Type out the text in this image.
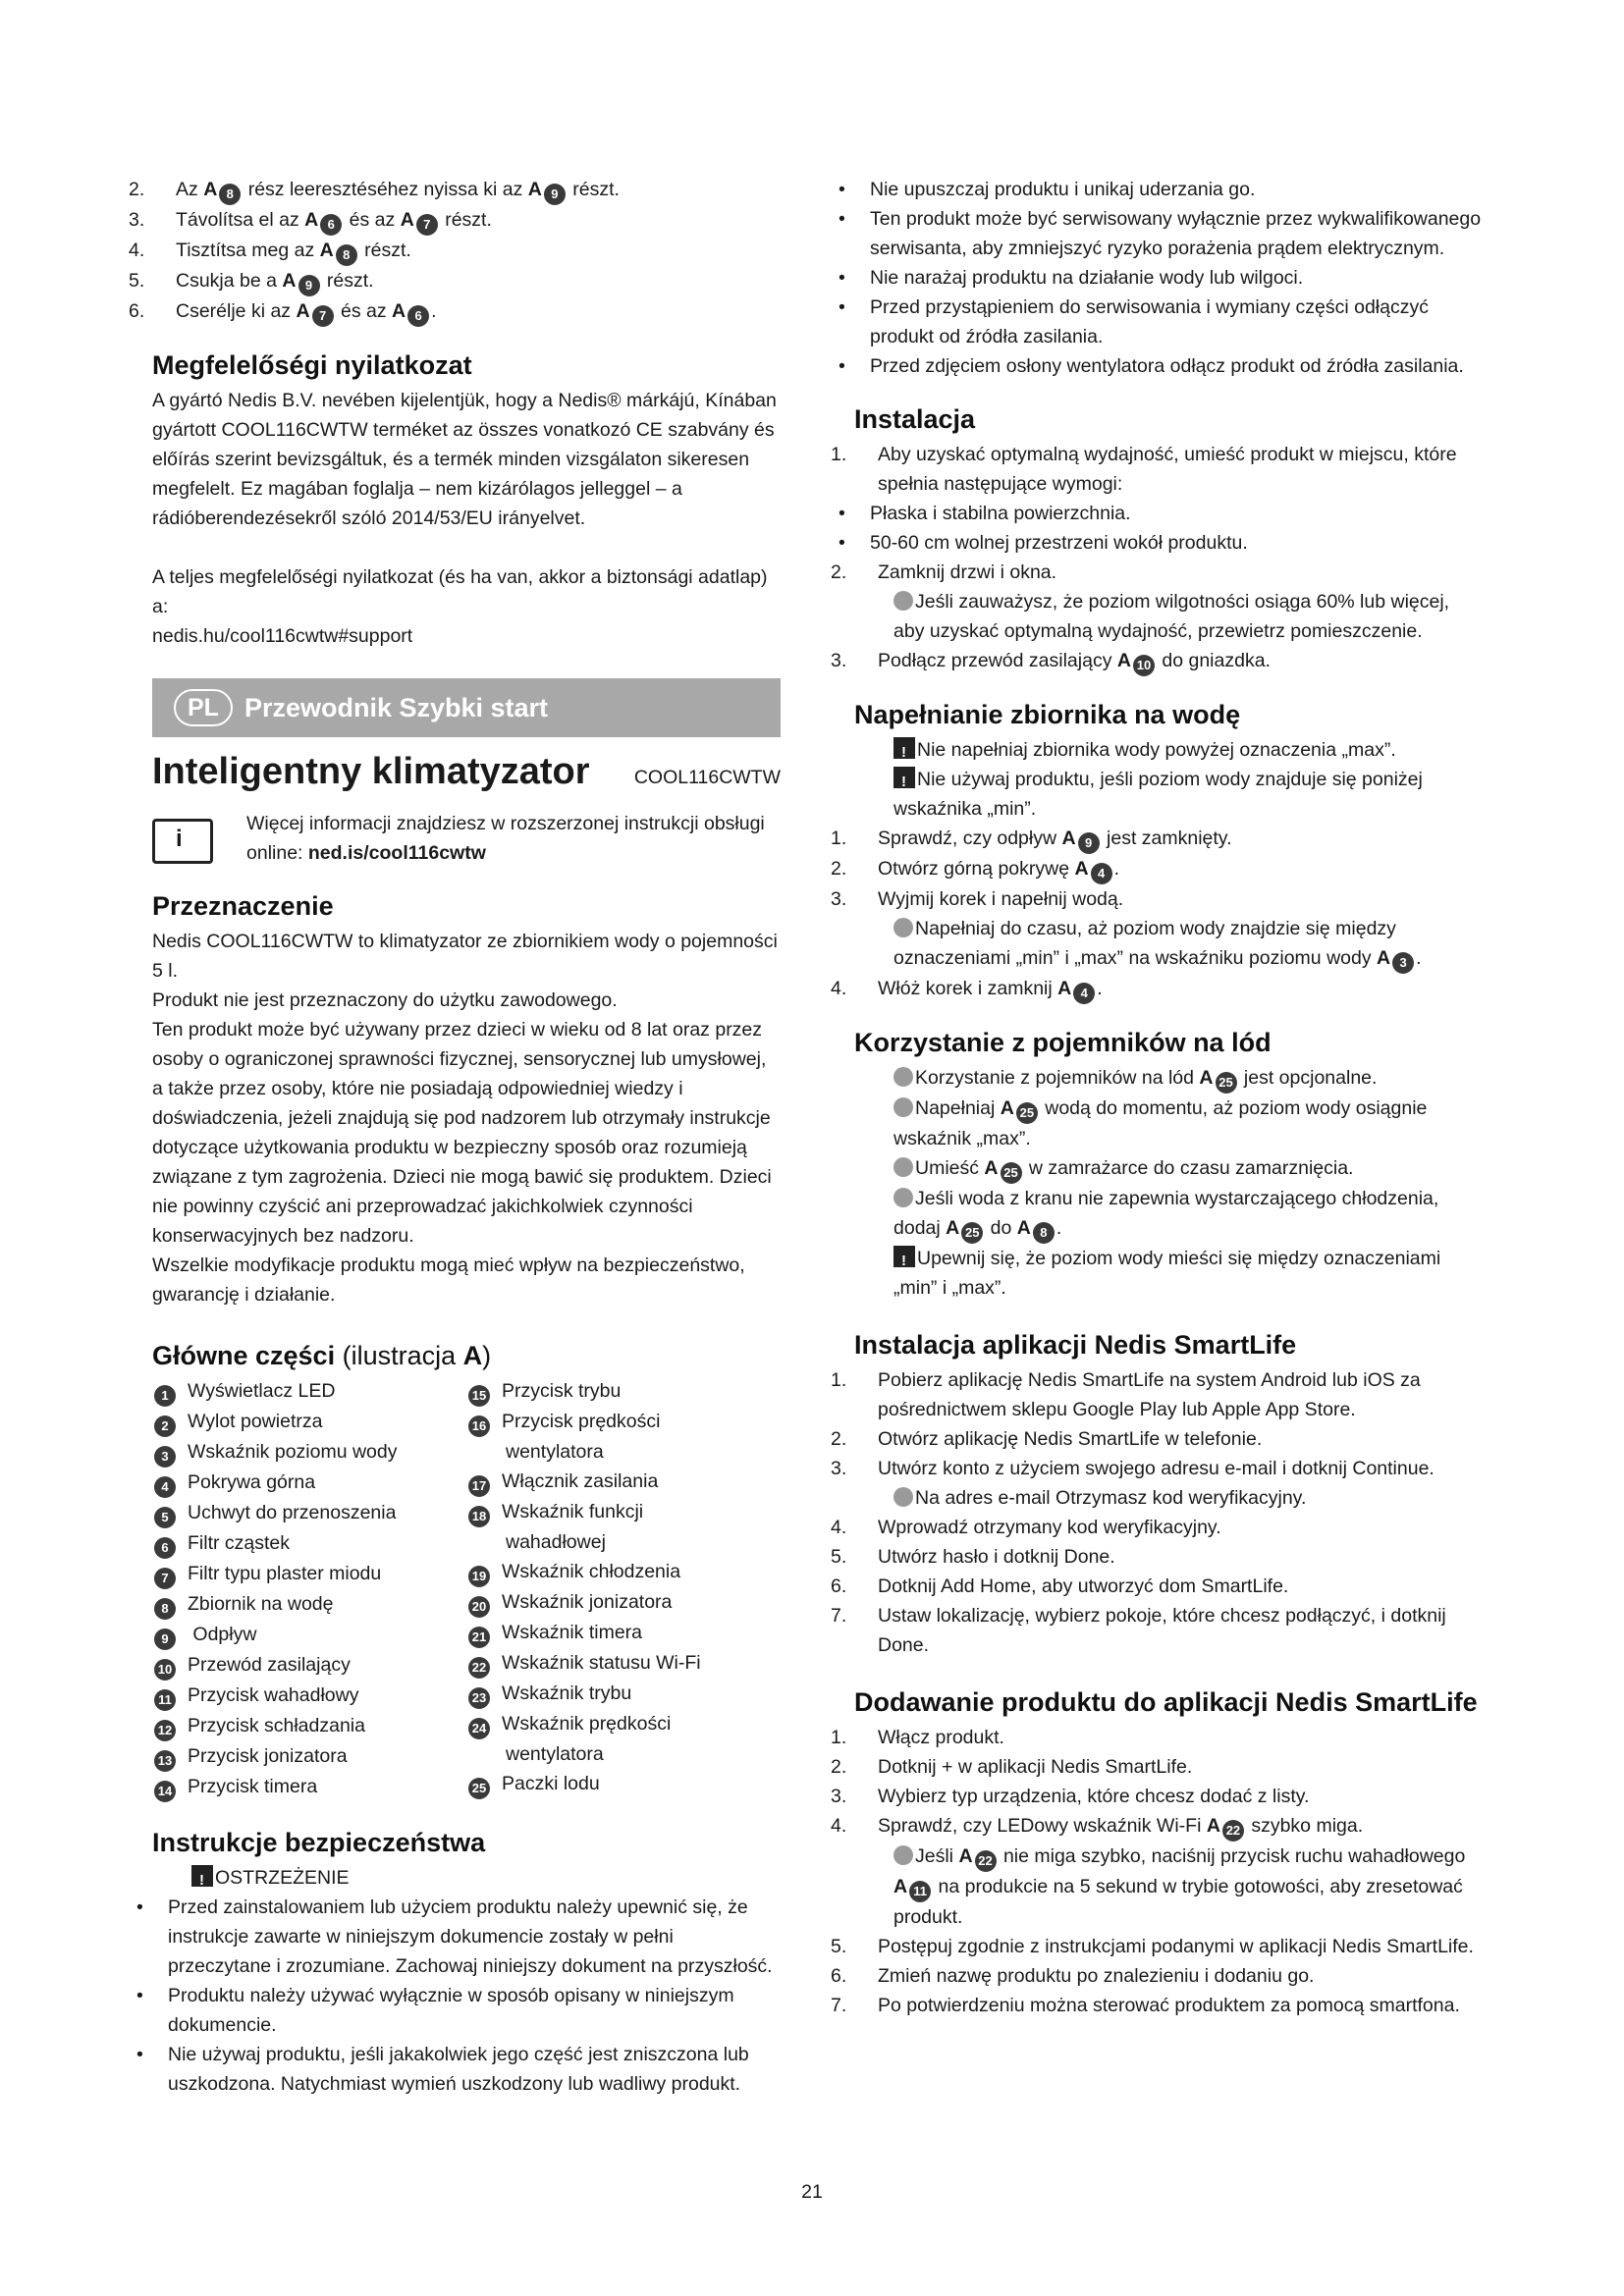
2. Az A 8 rész leeresztéséhez nyissa ki az A 9 részt.
3. Távolítsa el az A 6 és az A 7 részt.
4. Tisztítsa meg az A 8 részt.
5. Csukja be a A 9 részt.
6. Cserélje ki az A 7 és az A 6 .
Megfelelőségi nyilatkozat

A gyártó Nedis B.V. nevében kijelentjük, hogy a Nedis® márkájú, Kínában gyártott COOL116CWTW terméket az összes vonatkozó CE szabvány és előírás szerint bevizsgáltuk, és a termék minden vizsgálaton sikeresen megfelelt. Ez magában foglalja – nem kizárólagos jelleggel – a rádióberendezésekről szóló 2014/53/EU irányelvet.

A teljes megfelelőségi nyilatkozat (és ha van, akkor a biztonsági adatlap) a:

nedis.hu/cool116cwtw#support

PL Przewodnik Szybki start
Inteligentny klimatyzator COOL116CWTW
i

Więcej informacji znajdziesz w rozszerzonej instrukcji obsługi online: ned.is/cool116cwtw

Przeznaczenie

Nedis COOL116CWTW to klimatyzator ze zbiornikiem wody o pojemności 5 l.

Produkt nie jest przeznaczony do użytku zawodowego.

Ten produkt może być używany przez dzieci w wieku od 8 lat oraz przez osoby o ograniczonej sprawności fizycznej, sensorycznej lub umysłowej, a także przez osoby, które nie posiadają odpowiedniej wiedzy i doświadczenia, jeżeli znajdują się pod nadzorem lub otrzymały instrukcje dotyczące użytkowania produktu w bezpieczny sposób oraz rozumieją związane z tym zagrożenia. Dzieci nie mogą bawić się produktem. Dzieci nie powinny czyścić ani przeprowadzać jakichkolwiek czynności konserwacyjnych bez nadzoru.

Wszelkie modyfikacje produktu mogą mieć wpływ na bezpieczeństwo, gwarancję i działanie.

Główne części (ilustracja A)
1 Wyświetlacz LED
2 Wylot powietrza
3 Wskaźnik poziomu wody
4 Pokrywa górna
5 Uchwyt do przenoszenia
6 Filtr cząstek
7 Filtr typu plaster miodu
8 Zbiornik na wodę
9 Odpływ
10 Przewód zasilający
11 Przycisk wahadłowy
12 Przycisk schładzania
13 Przycisk jonizatora
14 Przycisk timera
15 Przycisk trybu
16 Przycisk prędkości
wentylatora
17 Włącznik zasilania
18 Wskaźnik funkcji
wahadłowej
19 Wskaźnik chłodzenia
20 Wskaźnik jonizatora
21 Wskaźnik timera
22 Wskaźnik statusu Wi-Fi
23 Wskaźnik trybu
24 Wskaźnik prędkości
wentylatora
25 Paczki lodu
Instrukcje bezpieczeństwa

!OSTRZEŻENIE

• Przed zainstalowaniem lub użyciem produktu należy upewnić się, że instrukcje zawarte w niniejszym dokumencie zostały w pełni przeczytane i zrozumiane. Zachowaj niniejszy dokument na przyszłość.
• Produktu należy używać wyłącznie w sposób opisany w niniejszym dokumencie.
• Nie używaj produktu, jeśli jakakolwiek jego część jest zniszczona lub uszkodzona. Natychmiast wymień uszkodzony lub wadliwy produkt.
• Nie upuszczaj produktu i unikaj uderzania go.
• Ten produkt może być serwisowany wyłącznie przez wykwalifikowanego serwisanta, aby zmniejszyć ryzyko porażenia prądem elektrycznym.
• Nie narażaj produktu na działanie wody lub wilgoci.
• Przed przystąpieniem do serwisowania i wymiany części odłączyć produkt od źródła zasilania.
• Przed zdjęciem osłony wentylatora odłącz produkt od źródła zasilania.
Instalacja

1. Aby uzyskać optymalną wydajność, umieść produkt w miejscu, które spełnia następujące wymogi:

• Płaska i stabilna powierzchnia.

• 50-60 cm wolnej przestrzeni wokół produktu.

2. Zamknij drzwi i okna.

Jeśli zauważysz, że poziom wilgotności osiąga 60% lub więcej, aby uzyskać optymalną wydajność, przewietrz pomieszczenie.

3. Podłącz przewód zasilający A 10 do gniazdka.

Napełnianie zbiornika na wodę

!Nie napełniaj zbiornika wody powyżej oznaczenia „max”.

!Nie używaj produktu, jeśli poziom wody znajduje się poniżej wskaźnika „min”.

1. Sprawdź, czy odpływ A 9 jest zamknięty.

2. Otwórz górną pokrywę A 4 .

3. Wyjmij korek i napełnij wodą.

Napełniaj do czasu, aż poziom wody znajdzie się między oznaczeniami „min” i „max” na wskaźniku poziomu wody A 3 .

4. Włóż korek i zamknij A 4 .

Korzystanie z pojemników na lód

Korzystanie z pojemników na lód A 25 jest opcjonalne.

Napełniaj A 25 wodą do momentu, aż poziom wody osiągnie wskaźnik „max”.

Umieść A 25 w zamrażarce do czasu zamarznięcia.

Jeśli woda z kranu nie zapewnia wystarczającego chłodzenia, dodaj A 25 do A 8 .

!Upewnij się, że poziom wody mieści się między oznaczeniami „min” i „max”.

Instalacja aplikacji Nedis SmartLife
1. Pobierz aplikację Nedis SmartLife na system Android lub iOS za pośrednictwem sklepu Google Play lub Apple App Store.
2. Otwórz aplikację Nedis SmartLife w telefonie.
3. Utwórz konto z użyciem swojego adresu e-mail i dotknij Continue.

Na adres e-mail Otrzymasz kod weryfikacyjny.

4. Wprowadź otrzymany kod weryfikacyjny.
5. Utwórz hasło i dotknij Done.
6. Dotknij Add Home, aby utworzyć dom SmartLife.
7. Ustaw lokalizację, wybierz pokoje, które chcesz podłączyć, i dotknij Done.
Dodawanie produktu do aplikacji Nedis SmartLife
1. Włącz produkt.
2. Dotknij + w aplikacji Nedis SmartLife.
3. Wybierz typ urządzenia, które chcesz dodać z listy.
4. Sprawdź, czy LEDowy wskaźnik Wi-Fi A 22 szybko miga.

Jeśli A 22 nie miga szybko, naciśnij przycisk ruchu wahadłowego A 11 na produkcie na 5 sekund w trybie gotowości, aby zresetować produkt.

5. Postępuj zgodnie z instrukcjami podanymi w aplikacji Nedis SmartLife.
6. Zmień nazwę produktu po znalezieniu i dodaniu go.
7. Po potwierdzeniu można sterować produktem za pomocą smartfona.
21
